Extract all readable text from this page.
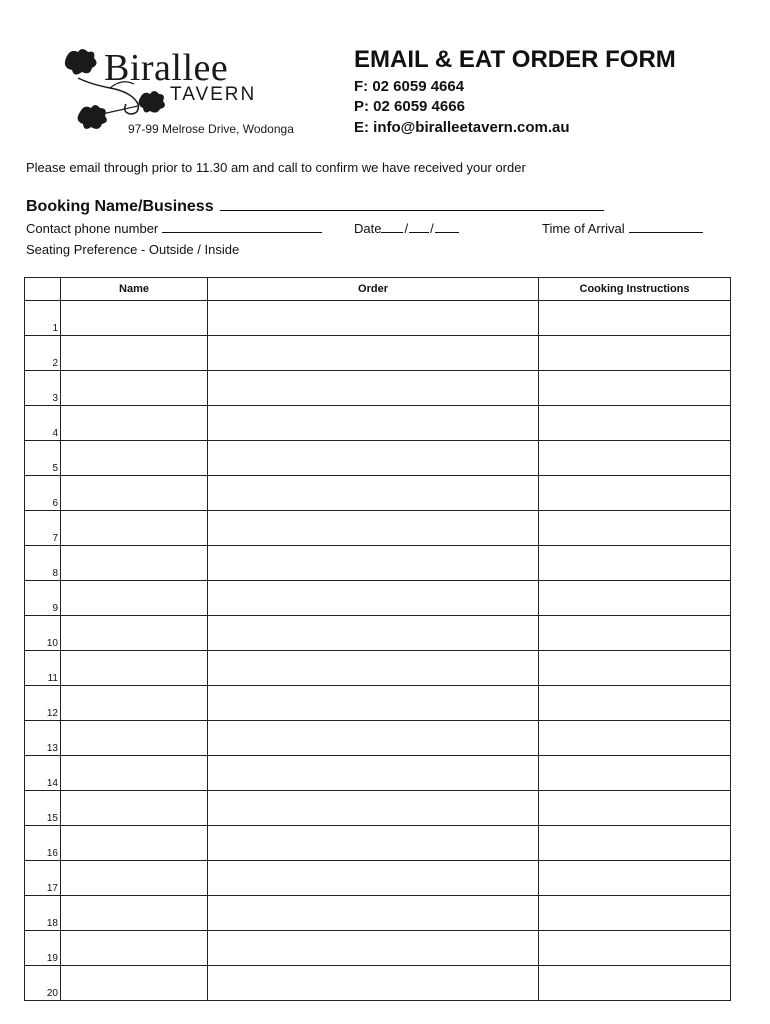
Birallee
TAVERN
97-99 Melrose Drive, Wodonga
EMAIL & EAT ORDER FORM
F: 02 6059 4664
P: 02 6059 4666
E: info@biralleetavern.com.au
Please email through prior to 11.30 am and call to confirm we have received your order
Booking Name/Business
Contact phone number	Date / /	Time of Arrival
Seating Preference - Outside / Inside
	Name	Order	Cooking Instructions
1			
2			
3			
4			
5			
6			
7			
8			
9			
10			
11			
12			
13			
14			
15			
16			
17			
18			
19			
20			
